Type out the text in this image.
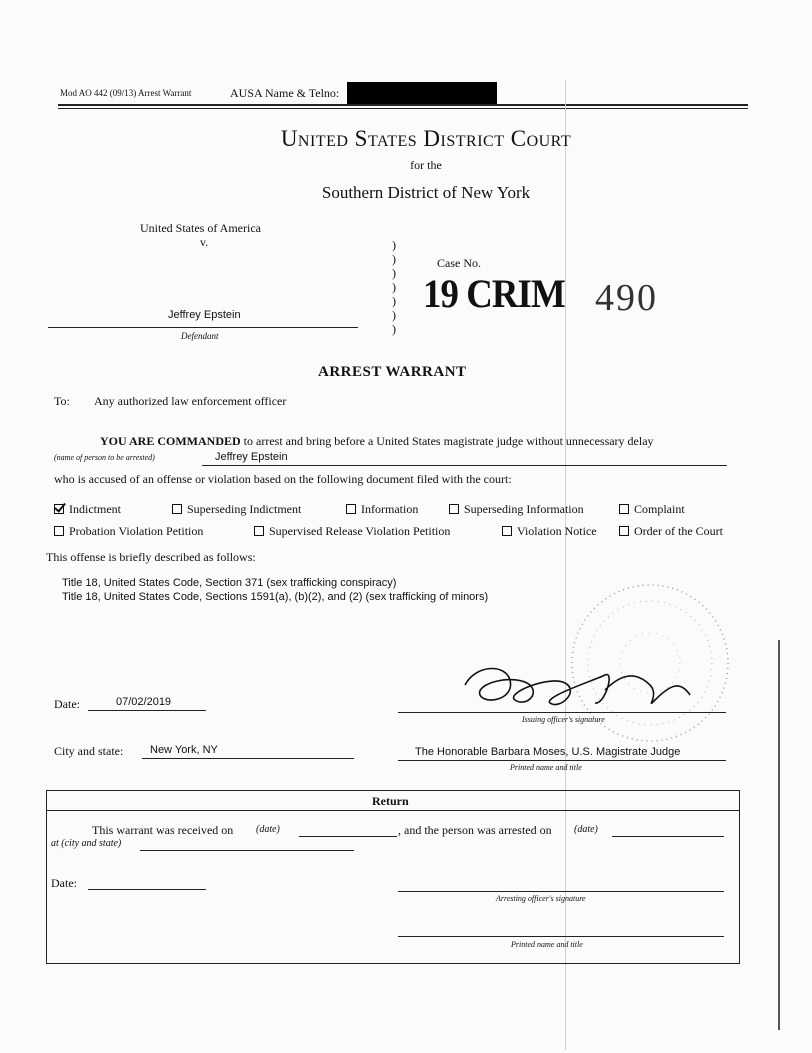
Mod AO 442 (09/13) Arrest Warrant	AUSA Name & Telno:
United States District Court
for the
Southern District of New York
United States of America
v.
Jeffrey Epstein
Defendant
)
)
)
)
)
)
)
Case No.
19 CRIM 490
ARREST WARRANT
To: Any authorized law enforcement officer
YOU ARE COMMANDED to arrest and bring before a United States magistrate judge without unnecessary delay
(name of person to be arrested)	Jeffrey Epstein
who is accused of an offense or violation based on the following document filed with the court:
Indictment	Superseding Indictment	Information	Superseding Information	Complaint
Probation Violation Petition	Supervised Release Violation Petition	Violation Notice	Order of the Court
This offense is briefly described as follows:
Title 18, United States Code, Section 371 (sex trafficking conspiracy)
Title 18, United States Code, Sections 1591(a), (b)(2), and (2) (sex trafficking of minors)
Date:	07/02/2019
Issuing officer's signature
City and state: New York, NY	The Honorable Barbara Moses, U.S. Magistrate Judge
Printed name and title
Return
This warrant was received on (date)	, and the person was arrested on (date)
at (city and state)
Date:
Arresting officer's signature
Printed name and title
